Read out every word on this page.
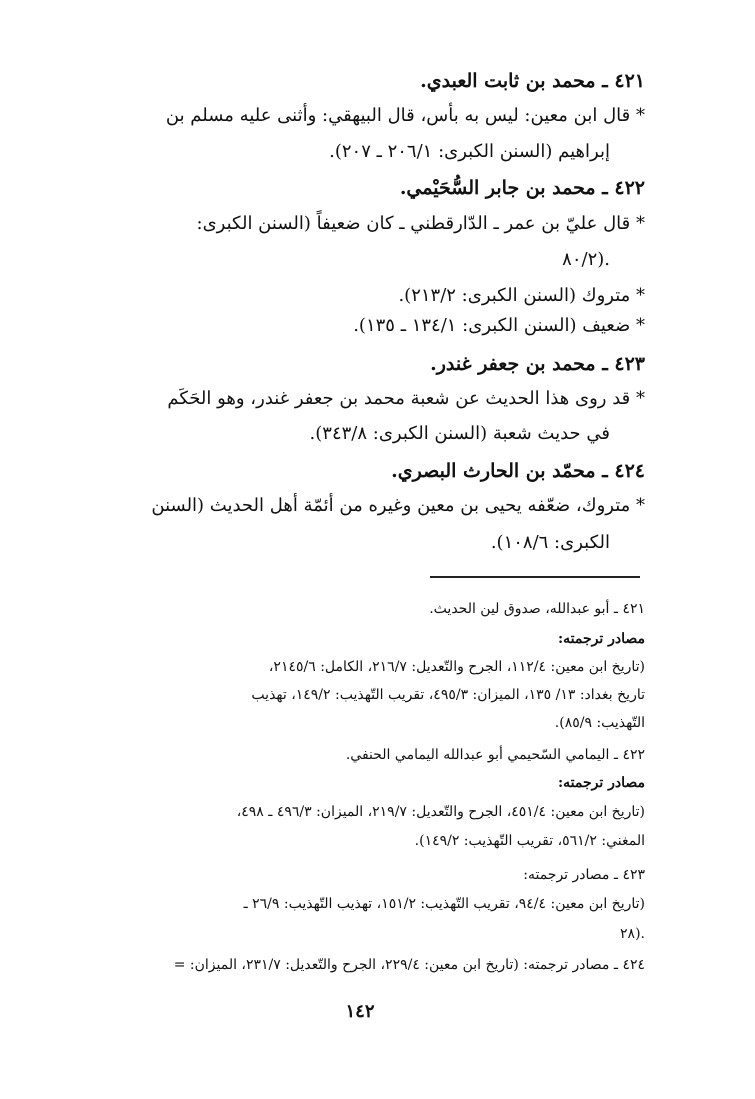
٤٢١ ـ محمد بن ثابت العبدي.
* قال ابن معين: ليس به بأس، قال البيهقي: وأثنى عليه مسلم بن
إبراهيم (السنن الكبرى: ٢٠٦/١ ـ ٢٠٧).
٤٢٢ ـ محمد بن جابر السُّحَيْمي.
* قال عليّ بن عمر ـ الدّارقطني ـ كان ضعيفاً (السنن الكبرى:
٨٠/٢).
* متروك (السنن الكبرى: ٢١٣/٢).
* ضعيف (السنن الكبرى: ١٣٤/١ ـ ١٣٥).
٤٢٣ ـ محمد بن جعفر غندر.
* قد روى هذا الحديث عن شعبة محمد بن جعفر غندر، وهو الحَكَم
في حديث شعبة (السنن الكبرى: ٣٤٣/٨).
٤٢٤ ـ محمّد بن الحارث البصري.
* متروك، ضعّفه يحيى بن معين وغيره من أئمّة أهل الحديث (السنن
الكبرى: ١٠٨/٦).
٤٢١ ـ أبو عبدالله، صدوق لين الحديث.
مصادر ترجمته:
(تاريخ ابن معين: ١١٢/٤، الجرح والتّعديل: ٢١٦/٧، الكامل: ٢١٤٥/٦،
تاريخ بغداد: ١٣/ ١٣٥، الميزان: ٤٩٥/٣، تقريب التّهذيب: ١٤٩/٢، تهذيب
التّهذيب: ٨٥/٩).
٤٢٢ ـ اليمامي السّحيمي أبو عبدالله اليمامي الحنفي.
مصادر ترجمته:
(تاريخ ابن معين: ٤٥١/٤، الجرح والتّعديل: ٢١٩/٧، الميزان: ٤٩٦/٣ ـ ٤٩٨،
المغني: ٥٦١/٢، تقريب التّهذيب: ١٤٩/٢).
٤٢٣ ـ مصادر ترجمته:
(تاريخ ابن معين: ٩٤/٤، تقريب التّهذيب: ١٥١/٢، تهذيب التّهذيب: ٢٦/٩ ـ
٢٨).
٤٢٤ ـ مصادر ترجمته: (تاريخ ابن معين: ٢٢٩/٤، الجرح والتّعديل: ٢٣١/٧، الميزان: =
١٤٢
